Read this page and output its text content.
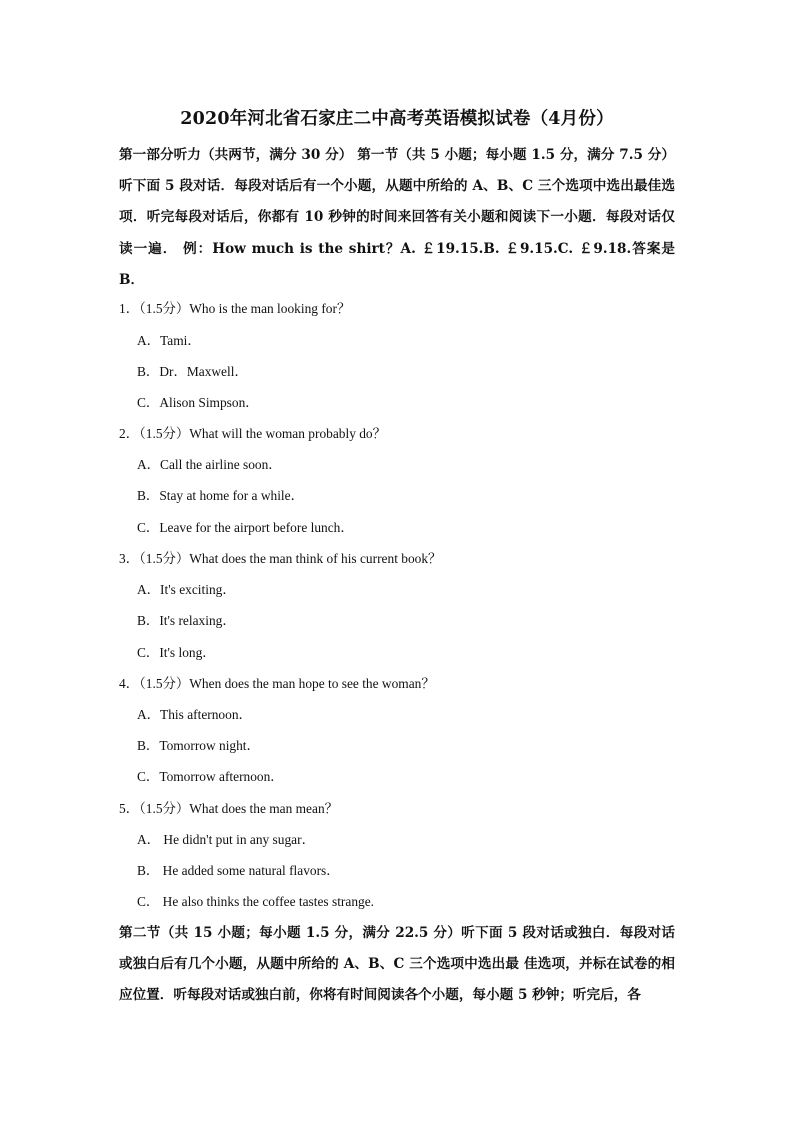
2020年河北省石家庄二中高考英语模拟试卷（4月份）

第一部分听力（共两节，满分 30 分） 第一节（共 5 小题；每小题 1.5 分，满分 7.5 分）听下面 5 段对话．每段对话后有一个小题，从题中所给的 A、B、C 三个选项中选出最佳选项．听完每段对话后，你都有 10 秒钟的时间来回答有关小题和阅读下一小题．每段对话仅读一遍． 例：How much is the shirt？A. ￡19.15.B. ￡9.15.C. ￡9.18.答案是 B．

1．（1.5分）Who is the man looking for？
A．Tami．
B．Dr．Maxwell．
C．Alison Simpson．
2．（1.5分）What will the woman probably do？
A．Call the airline soon．
B．Stay at home for a while．
C．Leave for the airport before lunch．
3．（1.5分）What does the man think of his current book？
A．It's exciting．
B．It's relaxing．
C．It's long．
4．（1.5分）When does the man hope to see the woman？
A．This afternoon．
B．Tomorrow night．
C．Tomorrow afternoon．
5．（1.5分）What does the man mean？
A． He didn't put in any sugar．
B． He added some natural flavors．
C． He also thinks the coffee tastes strange.

第二节（共 15 小题；每小题 1.5 分，满分 22.5 分）听下面 5 段对话或独白．每段对话或独白后有几个小题，从题中所给的 A、B、C 三个选项中选出最 佳选项，并标在试卷的相应位置．听每段对话或独白前，你将有时间阅读各个小题，每小题 5 秒钟；听完后，各
